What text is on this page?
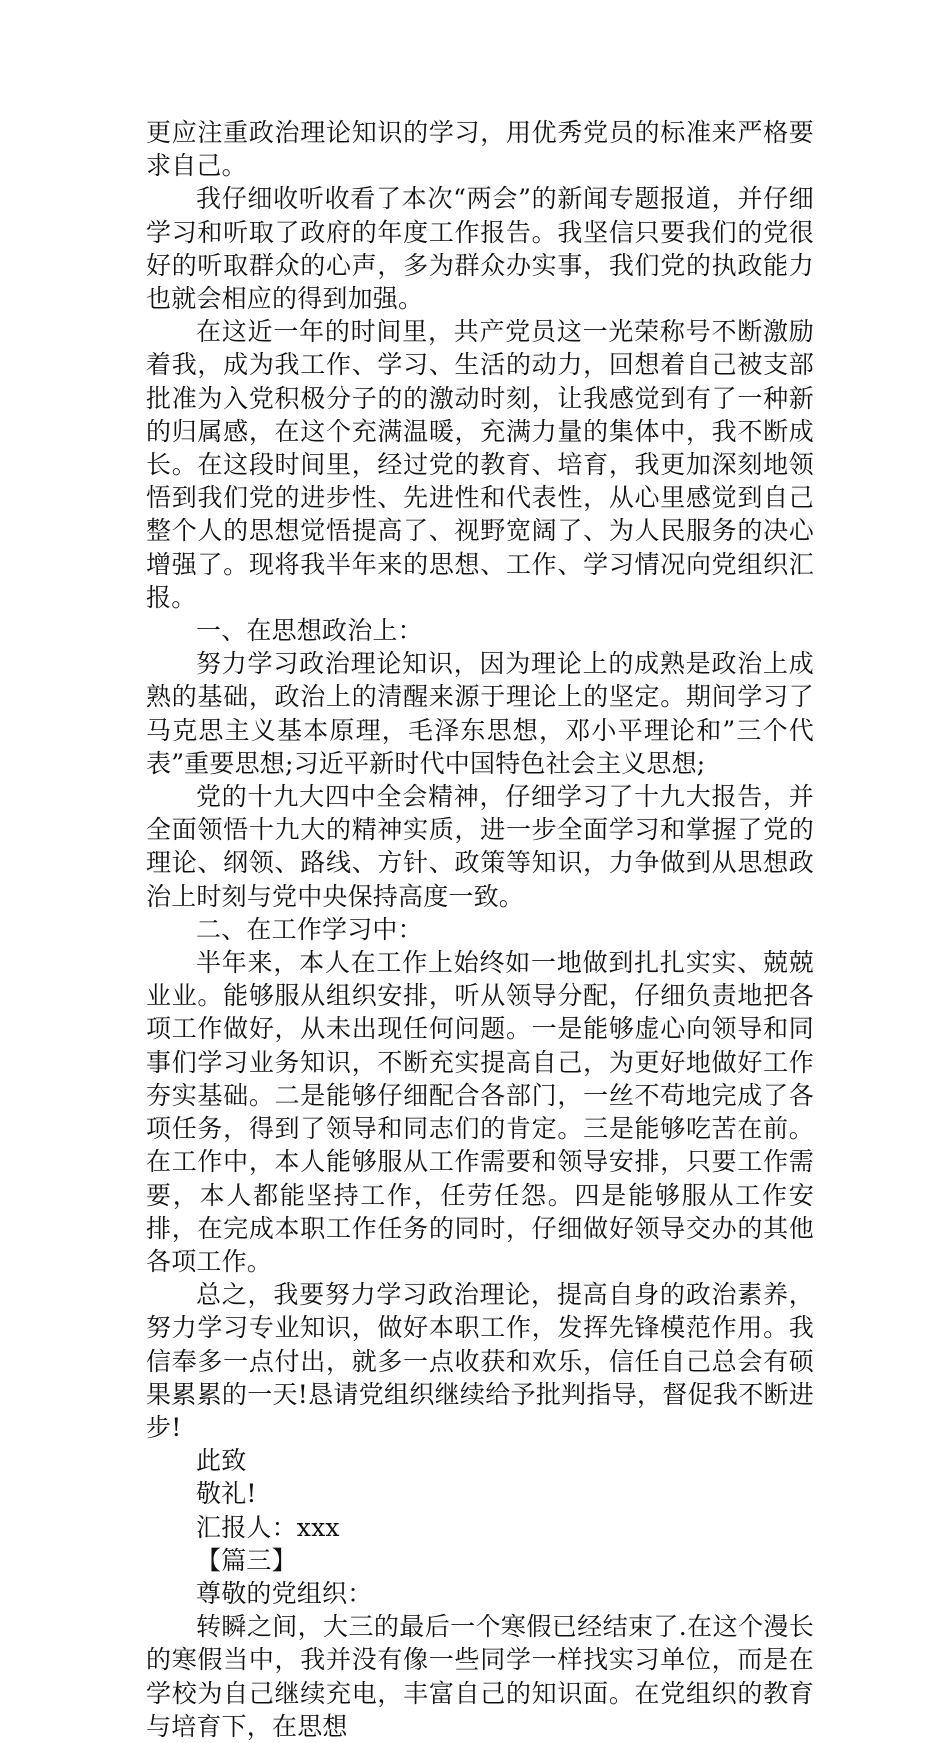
更应注重政治理论知识的学习，用优秀党员的标准来严格要求自己。

我仔细收听收看了本次“两会”的新闻专题报道，并仔细学习和听取了政府的年度工作报告。我坚信只要我们的党很好的听取群众的心声，多为群众办实事，我们党的执政能力也就会相应的得到加强。

在这近一年的时间里，共产党员这一光荣称号不断激励着我，成为我工作、学习、生活的动力，回想着自己被支部批准为入党积极分子的的激动时刻，让我感觉到有了一种新的归属感，在这个充满温暖，充满力量的集体中，我不断成长。在这段时间里，经过党的教育、培育，我更加深刻地领悟到我们党的进步性、先进性和代表性，从心里感觉到自己整个人的思想觉悟提高了、视野宽阔了、为人民服务的决心增强了。现将我半年来的思想、工作、学习情况向党组织汇报。

一、在思想政治上：

努力学习政治理论知识，因为理论上的成熟是政治上成熟的基础，政治上的清醒来源于理论上的坚定。期间学习了马克思主义基本原理，毛泽东思想，邓小平理论和”三个代表”重要思想;习近平新时代中国特色社会主义思想;

党的十九大四中全会精神，仔细学习了十九大报告，并全面领悟十九大的精神实质，进一步全面学习和掌握了党的理论、纲领、路线、方针、政策等知识，力争做到从思想政治上时刻与党中央保持高度一致。

二、在工作学习中：

半年来，本人在工作上始终如一地做到扎扎实实、兢兢业业。能够服从组织安排，听从领导分配，仔细负责地把各项工作做好，从未出现任何问题。一是能够虚心向领导和同事们学习业务知识，不断充实提高自己，为更好地做好工作夯实基础。二是能够仔细配合各部门，一丝不苟地完成了各项任务，得到了领导和同志们的肯定。三是能够吃苦在前。在工作中，本人能够服从工作需要和领导安排，只要工作需要，本人都能坚持工作，任劳任怨。四是能够服从工作安排，在完成本职工作任务的同时，仔细做好领导交办的其他各项工作。

总之，我要努力学习政治理论，提高自身的政治素养，努力学习专业知识，做好本职工作，发挥先锋模范作用。我信奉多一点付出，就多一点收获和欢乐，信任自己总会有硕果累累的一天!恳请党组织继续给予批判指导，督促我不断进步!

此致

敬礼!

汇报人：xxx

【篇三】

尊敬的党组织：

转瞬之间，大三的最后一个寒假已经结束了.在这个漫长的寒假当中，我并没有像一些同学一样找实习单位，而是在学校为自己继续充电，丰富自己的知识面。在党组织的教育与培育下，在思想
